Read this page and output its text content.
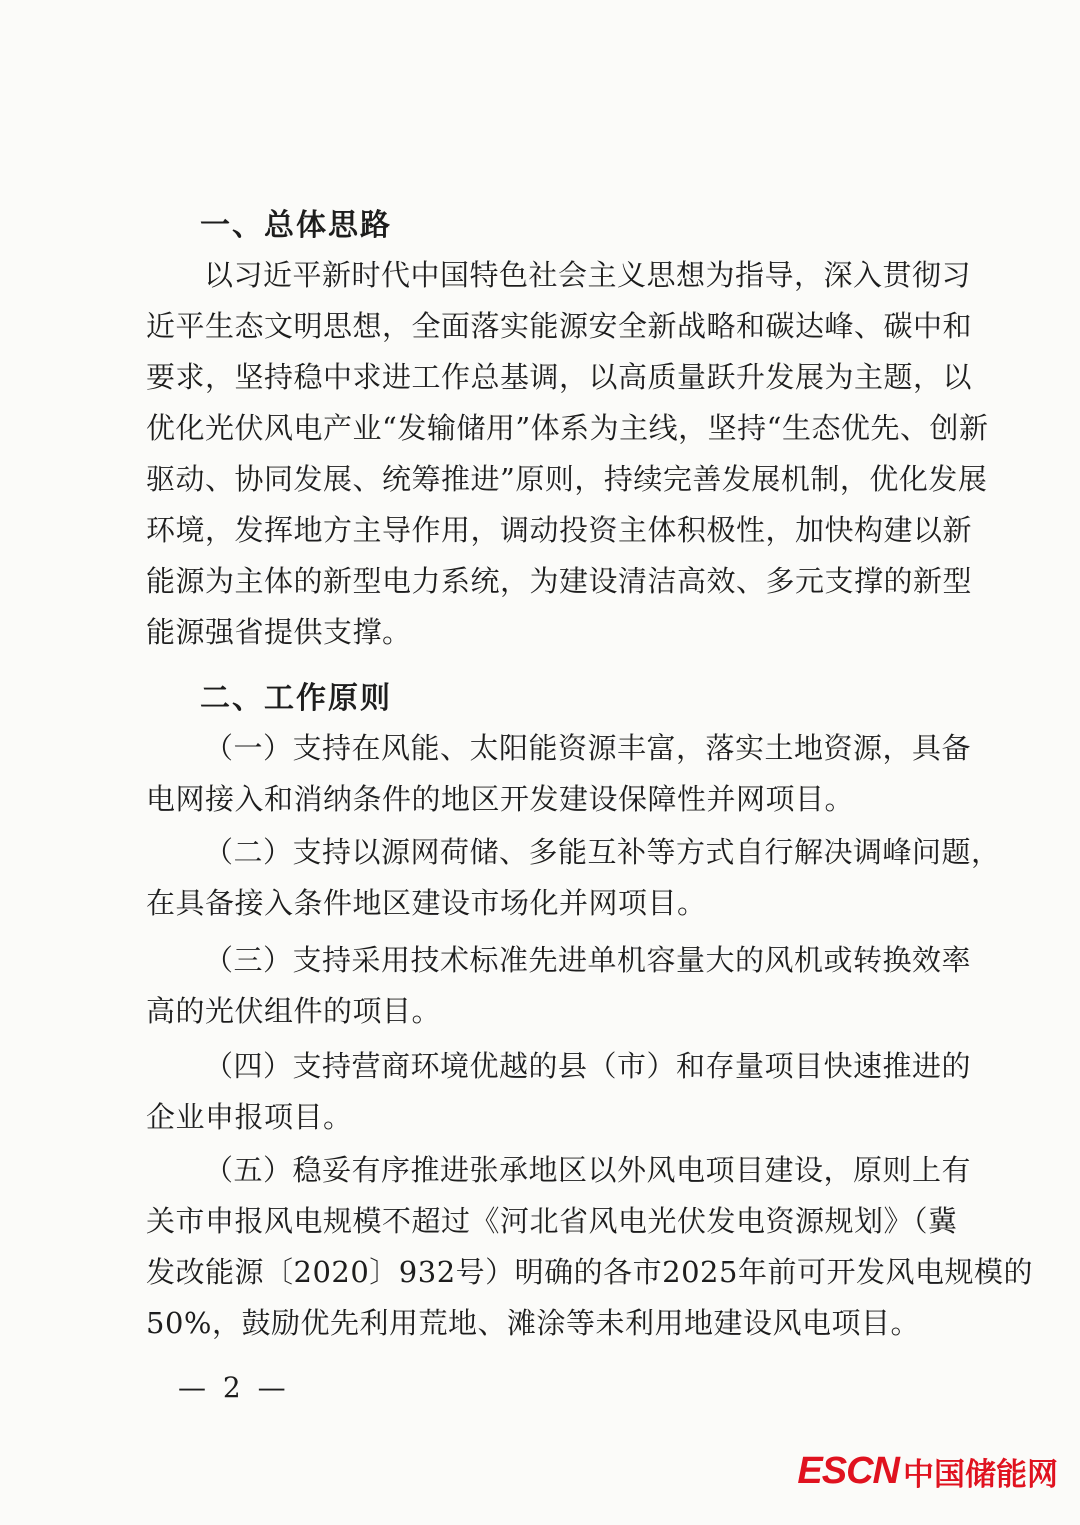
一、总体思路
以习近平新时代中国特色社会主义思想为指导，深入贯彻习
近平生态文明思想，全面落实能源安全新战略和碳达峰、碳中和
要求，坚持稳中求进工作总基调，以高质量跃升发展为主题，以
优化光伏风电产业“发输储用”体系为主线，坚持“生态优先、创新
驱动、协同发展、统筹推进”原则，持续完善发展机制，优化发展
环境，发挥地方主导作用，调动投资主体积极性，加快构建以新
能源为主体的新型电力系统，为建设清洁高效、多元支撑的新型
能源强省提供支撑。
二、工作原则
（一）支持在风能、太阳能资源丰富，落实土地资源，具备
电网接入和消纳条件的地区开发建设保障性并网项目。
（二）支持以源网荷储、多能互补等方式自行解决调峰问题，
在具备接入条件地区建设市场化并网项目。
（三）支持采用技术标准先进单机容量大的风机或转换效率
高的光伏组件的项目。
（四）支持营商环境优越的县（市）和存量项目快速推进的
企业申报项目。
（五）稳妥有序推进张承地区以外风电项目建设，原则上有
关市申报风电规模不超过《河北省风电光伏发电资源规划》（冀
发改能源〔2020〕932号）明确的各市2025年前可开发风电规模的
50%，鼓励优先利用荒地、滩涂等未利用地建设风电项目。
— 2 —
ESCN 中国储能网
